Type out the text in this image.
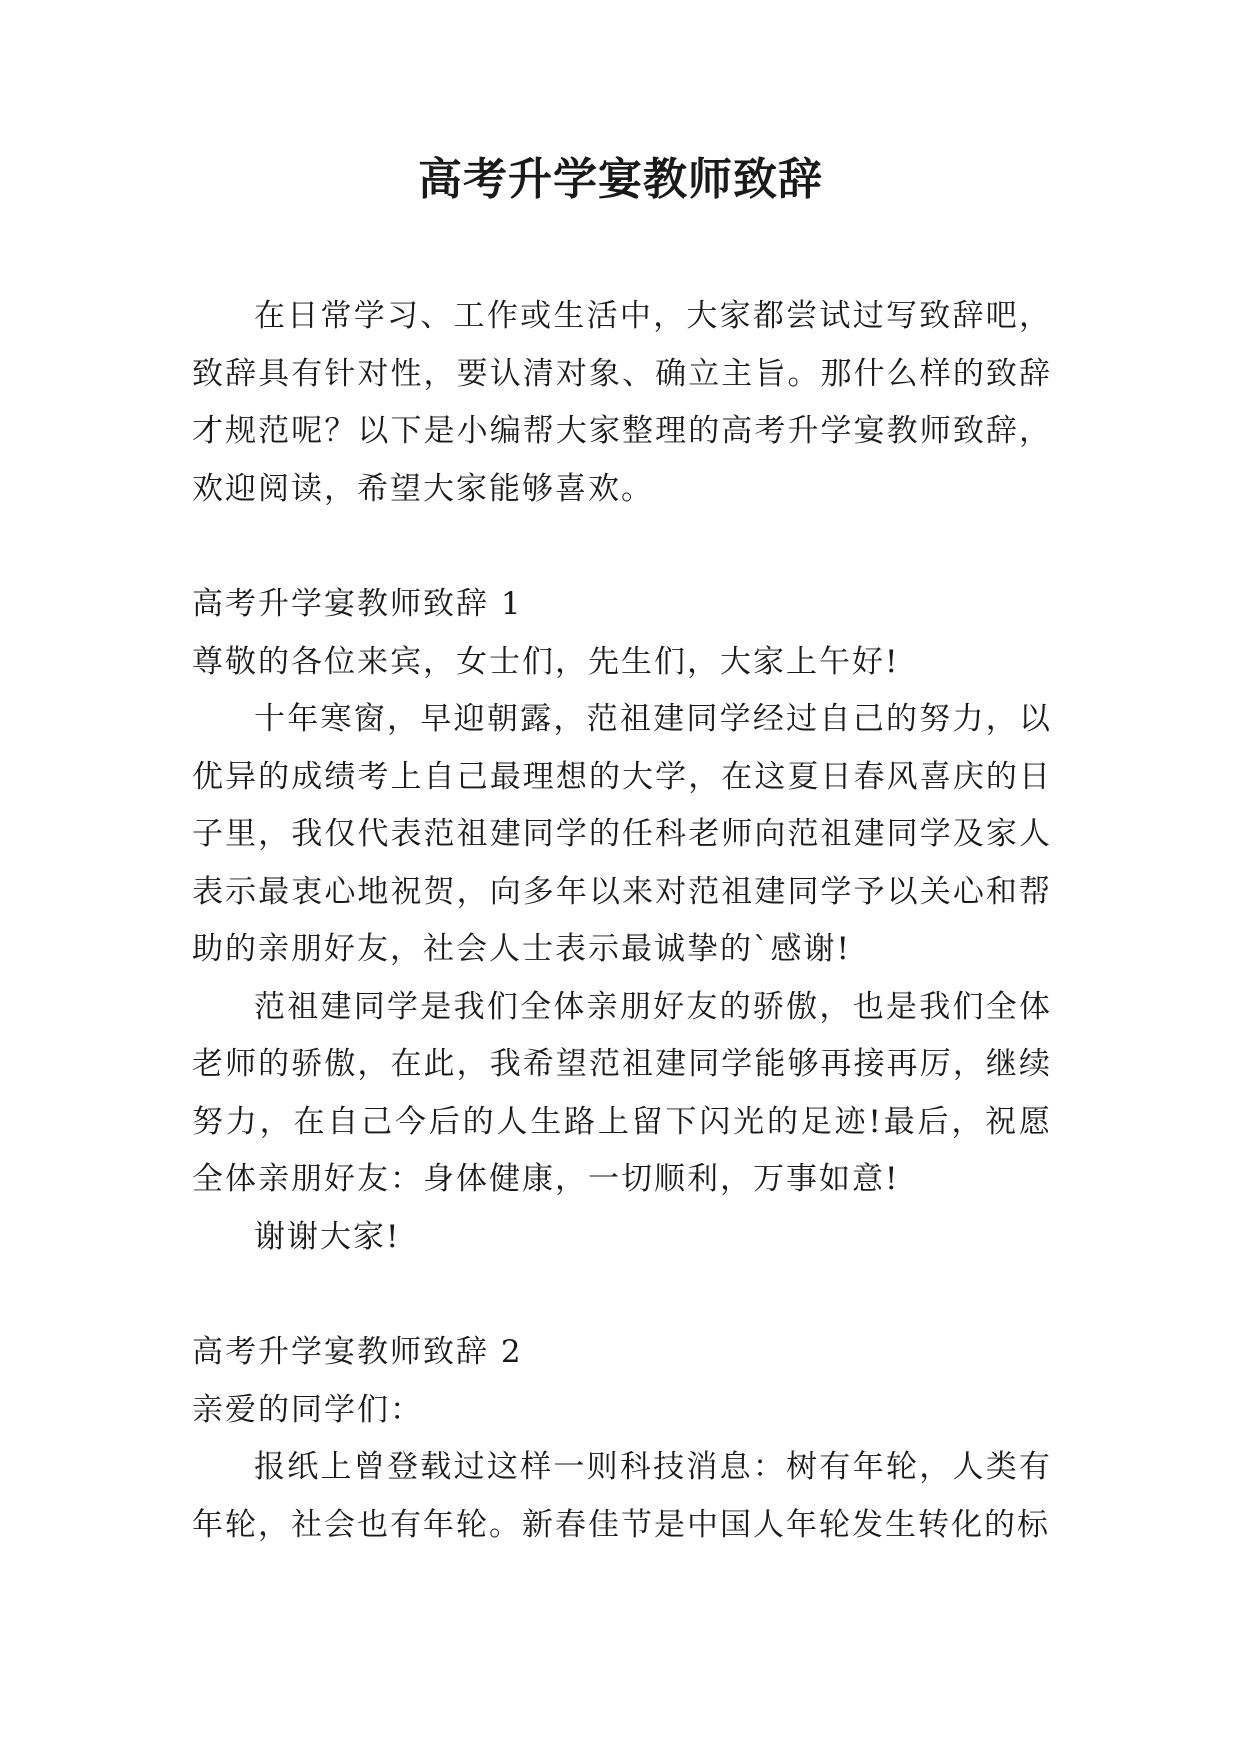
高考升学宴教师致辞

在日常学习、工作或生活中，大家都尝试过写致辞吧，致辞具有针对性，要认清对象、确立主旨。那什么样的致辞才规范呢？以下是小编帮大家整理的高考升学宴教师致辞，欢迎阅读，希望大家能够喜欢。

高考升学宴教师致辞 1

尊敬的各位来宾，女士们，先生们，大家上午好!

十年寒窗，早迎朝露，范祖建同学经过自己的努力，以优异的成绩考上自己最理想的大学，在这夏日春风喜庆的日子里，我仅代表范祖建同学的任科老师向范祖建同学及家人表示最衷心地祝贺，向多年以来对范祖建同学予以关心和帮助的亲朋好友，社会人士表示最诚挚的`感谢!

范祖建同学是我们全体亲朋好友的骄傲，也是我们全体老师的骄傲，在此，我希望范祖建同学能够再接再厉，继续努力，在自己今后的人生路上留下闪光的足迹!最后，祝愿全体亲朋好友：身体健康，一切顺利，万事如意!

谢谢大家!

高考升学宴教师致辞 2

亲爱的同学们：

报纸上曾登载过这样一则科技消息：树有年轮，人类有年轮，社会也有年轮。新春佳节是中国人年轮发生转化的标
